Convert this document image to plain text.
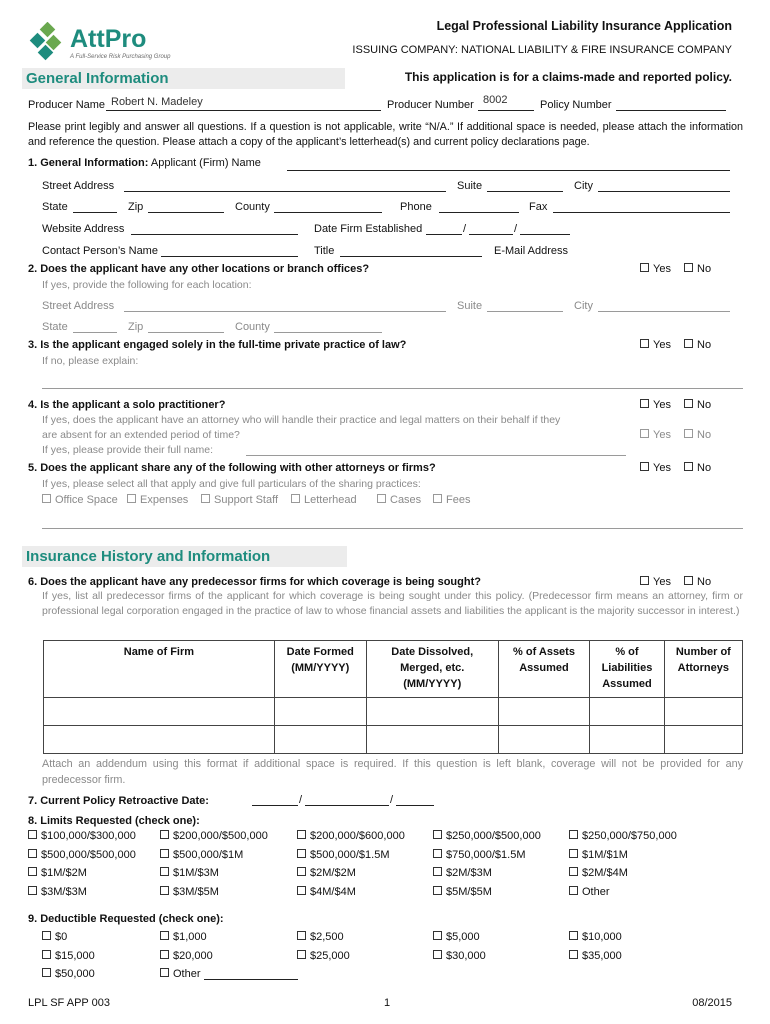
AttPro
A Full-Service Risk Purchasing Group
Legal Professional Liability Insurance Application
ISSUING COMPANY: NATIONAL LIABILITY & FIRE INSURANCE COMPANY
General Information	This application is for a claims-made and reported policy.
Producer Name Robert N. Madeley	Producer Number 8002	Policy Number
Please print legibly and answer all questions. If a question is not applicable, write “N/A.” If additional space is needed, please attach the information and reference the question. Please attach a copy of the applicant’s letterhead(s) and current policy declarations page.
1. General Information: Applicant (Firm) Name
Street Address	Suite	City
State	Zip	County	Phone	Fax
Website Address	Date Firm Established	/	/
Contact Person’s Name	Title	E-Mail Address
2. Does the applicant have any other locations or branch offices?	Yes	No
If yes, provide the following for each location:
Street Address	Suite	City
State	Zip	County
3. Is the applicant engaged solely in the full-time private practice of law?	Yes	No
If no, please explain:
4. Is the applicant a solo practitioner?	Yes	No
If yes, does the applicant have an attorney who will handle their practice and legal matters on their behalf if they
are absent for an extended period of time?	Yes	No
If yes, please provide their full name:
5. Does the applicant share any of the following with other attorneys or firms?	Yes	No
If yes, please select all that apply and give full particulars of the sharing practices:
Office Space	Expenses	Support Staff	Letterhead	Cases	Fees
Insurance History and Information
6. Does the applicant have any predecessor firms for which coverage is being sought?	Yes	No
If yes, list all predecessor firms of the applicant for which coverage is being sought under this policy. (Predecessor firm means an attorney, firm or professional legal corporation engaged in the practice of law to whose financial assets and liabilities the applicant is the majority successor in interest.)
Name of Firm	Date Formed (MM/YYYY)	Date Dissolved, Merged, etc. (MM/YYYY)	% of Assets Assumed	% of Liabilities Assumed	Number of Attorneys

Attach an addendum using this format if additional space is required. If this question is left blank, coverage will not be provided for any predecessor firm.
7. Current Policy Retroactive Date:	/	/
8. Limits Requested (check one):
$100,000/$300,000	$200,000/$500,000	$200,000/$600,000	$250,000/$500,000	$250,000/$750,000
$500,000/$500,000	$500,000/$1M	$500,000/$1.5M	$750,000/$1.5M	$1M/$1M
$1M/$2M	$1M/$3M	$2M/$2M	$2M/$3M	$2M/$4M
$3M/$3M	$3M/$5M	$4M/$4M	$5M/$5M	Other
9. Deductible Requested (check one):
$0	$1,000	$2,500	$5,000	$10,000
$15,000	$20,000	$25,000	$30,000	$35,000
$50,000	Other
LPL SF APP 003	1	08/2015
